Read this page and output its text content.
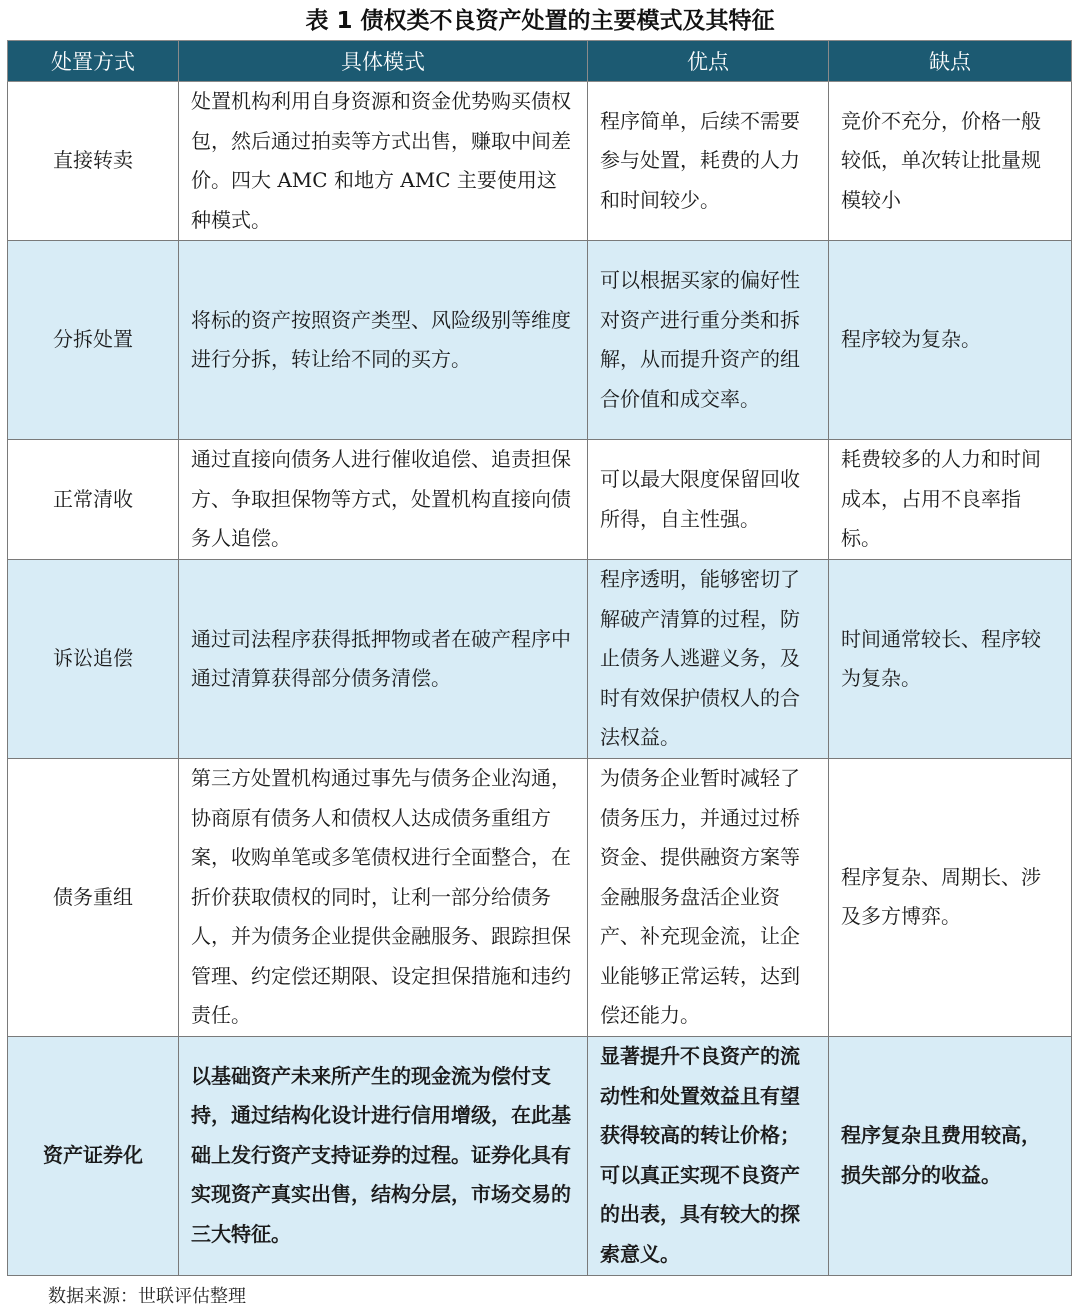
表 1 债权类不良资产处置的主要模式及其特征
处置方式	具体模式	优点	缺点
直接转卖	处置机构利用自身资源和资金优势购买债权包，然后通过拍卖等方式出售，赚取中间差价。四大 AMC 和地方 AMC 主要使用这种模式。	程序简单，后续不需要参与处置，耗费的人力和时间较少。	竞价不充分，价格一般较低，单次转让批量规模较小
分拆处置	将标的资产按照资产类型、风险级别等维度进行分拆，转让给不同的买方。	可以根据买家的偏好性对资产进行重分类和拆解，从而提升资产的组合价值和成交率。	程序较为复杂。
正常清收	通过直接向债务人进行催收追偿、追责担保方、争取担保物等方式，处置机构直接向债务人追偿。	可以最大限度保留回收所得，自主性强。	耗费较多的人力和时间成本，占用不良率指标。
诉讼追偿	通过司法程序获得抵押物或者在破产程序中通过清算获得部分债务清偿。	程序透明，能够密切了解破产清算的过程，防止债务人逃避义务，及时有效保护债权人的合法权益。	时间通常较长、程序较为复杂。
债务重组	第三方处置机构通过事先与债务企业沟通，协商原有债务人和债权人达成债务重组方案，收购单笔或多笔债权进行全面整合，在折价获取债权的同时，让利一部分给债务人，并为债务企业提供金融服务、跟踪担保管理、约定偿还期限、设定担保措施和违约责任。	为债务企业暂时减轻了债务压力，并通过过桥资金、提供融资方案等金融服务盘活企业资产、补充现金流，让企业能够正常运转，达到偿还能力。	程序复杂、周期长、涉及多方博弈。
资产证券化	以基础资产未来所产生的现金流为偿付支持，通过结构化设计进行信用增级，在此基础上发行资产支持证券的过程。证券化具有实现资产真实出售，结构分层，市场交易的三大特征。	显著提升不良资产的流动性和处置效益且有望获得较高的转让价格；可以真正实现不良资产的出表，具有较大的探索意义。	程序复杂且费用较高，损失部分的收益。
数据来源：世联评估整理
